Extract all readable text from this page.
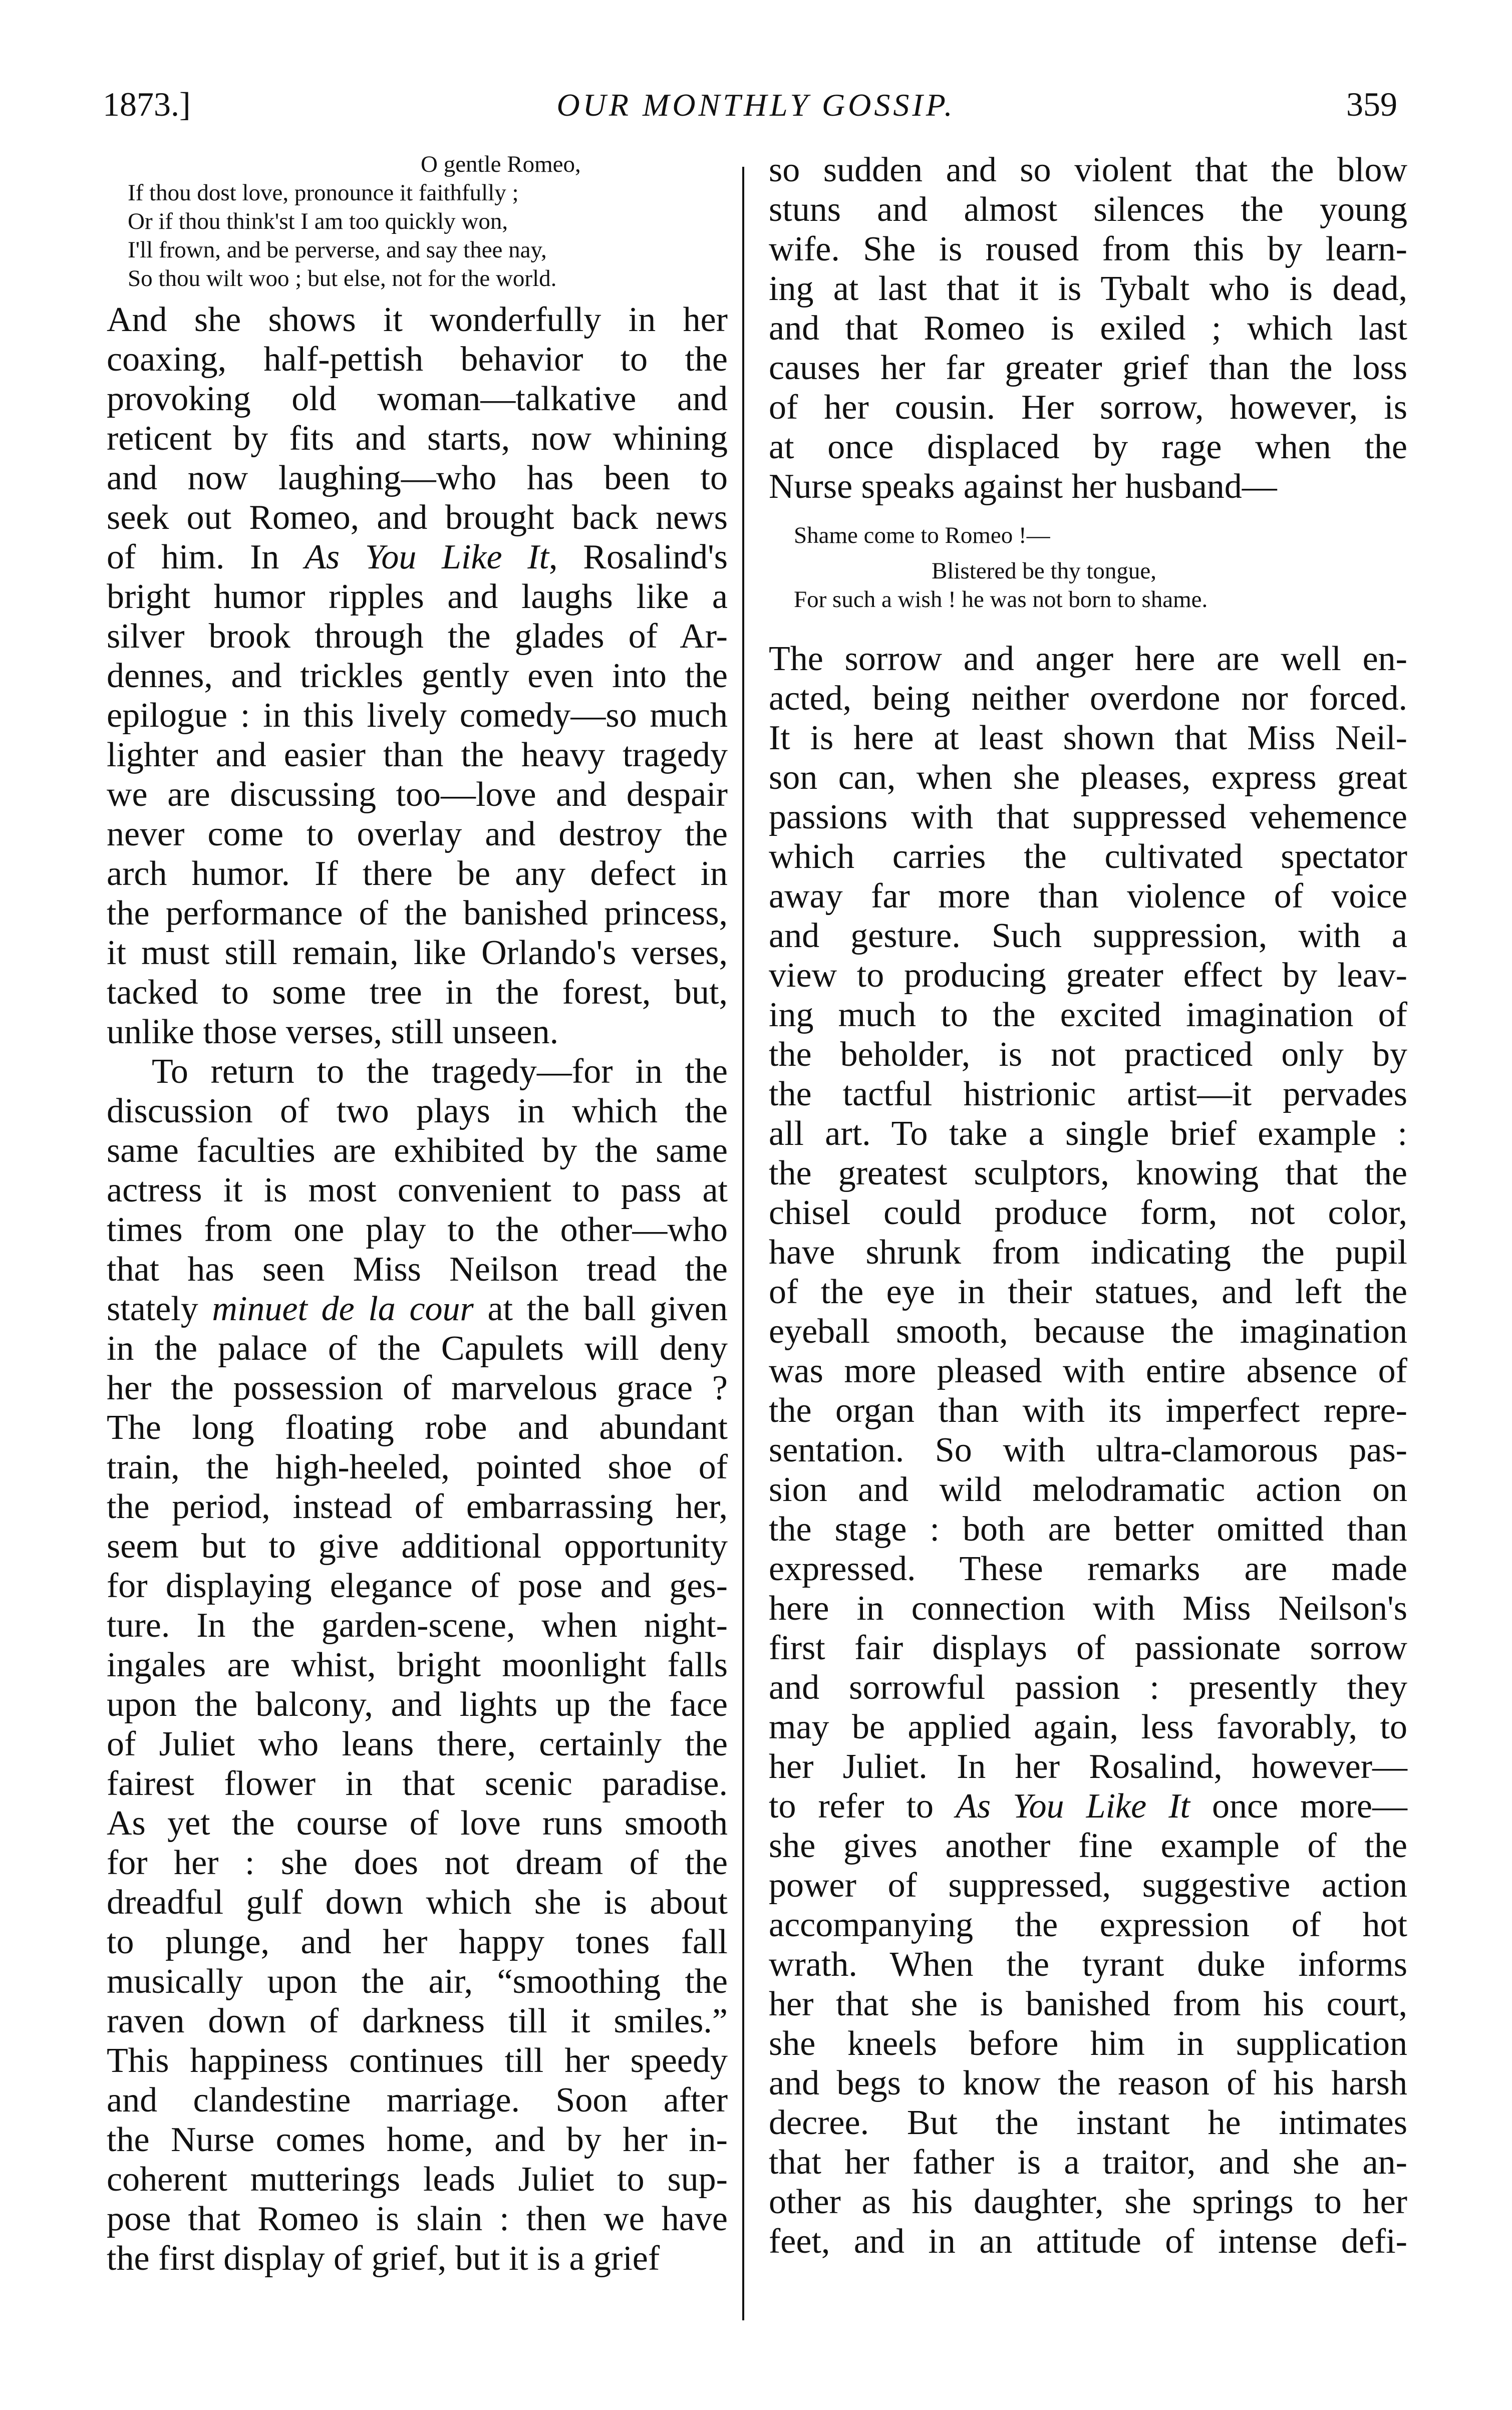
1873.]	OUR MONTHLY GOSSIP.	359
O gentle Romeo,
If thou dost love, pronounce it faithfully ;
Or if thou think'st I am too quickly won,
I'll frown, and be perverse, and say thee nay,
So thou wilt woo ; but else, not for the world.
And she shows it wonderfully in her
coaxing, half-pettish behavior to the
provoking old woman—talkative and
reticent by fits and starts, now whining
and now laughing—who has been to
seek out Romeo, and brought back news
of him. In As You Like It, Rosalind's
bright humor ripples and laughs like a
silver brook through the glades of Ar-
dennes, and trickles gently even into the
epilogue : in this lively comedy—so much
lighter and easier than the heavy tragedy
we are discussing too—love and despair
never come to overlay and destroy the
arch humor. If there be any defect in
the performance of the banished princess,
it must still remain, like Orlando's verses,
tacked to some tree in the forest, but,
unlike those verses, still unseen.
To return to the tragedy—for in the
discussion of two plays in which the
same faculties are exhibited by the same
actress it is most convenient to pass at
times from one play to the other—who
that has seen Miss Neilson tread the
stately minuet de la cour at the ball given
in the palace of the Capulets will deny
her the possession of marvelous grace ?
The long floating robe and abundant
train, the high-heeled, pointed shoe of
the period, instead of embarrassing her,
seem but to give additional opportunity
for displaying elegance of pose and ges-
ture. In the garden-scene, when night-
ingales are whist, bright moonlight falls
upon the balcony, and lights up the face
of Juliet who leans there, certainly the
fairest flower in that scenic paradise.
As yet the course of love runs smooth
for her : she does not dream of the
dreadful gulf down which she is about
to plunge, and her happy tones fall
musically upon the air, “smoothing the
raven down of darkness till it smiles.”
This happiness continues till her speedy
and clandestine marriage. Soon after
the Nurse comes home, and by her in-
coherent mutterings leads Juliet to sup-
pose that Romeo is slain : then we have
the first display of grief, but it is a grief
so sudden and so violent that the blow
stuns and almost silences the young
wife. She is roused from this by learn-
ing at last that it is Tybalt who is dead,
and that Romeo is exiled ; which last
causes her far greater grief than the loss
of her cousin. Her sorrow, however, is
at once displaced by rage when the
Nurse speaks against her husband—
Shame come to Romeo !—
Blistered be thy tongue,
For such a wish ! he was not born to shame.
The sorrow and anger here are well en-
acted, being neither overdone nor forced.
It is here at least shown that Miss Neil-
son can, when she pleases, express great
passions with that suppressed vehemence
which carries the cultivated spectator
away far more than violence of voice
and gesture. Such suppression, with a
view to producing greater effect by leav-
ing much to the excited imagination of
the beholder, is not practiced only by
the tactful histrionic artist—it pervades
all art. To take a single brief example :
the greatest sculptors, knowing that the
chisel could produce form, not color,
have shrunk from indicating the pupil
of the eye in their statues, and left the
eyeball smooth, because the imagination
was more pleased with entire absence of
the organ than with its imperfect repre-
sentation. So with ultra-clamorous pas-
sion and wild melodramatic action on
the stage : both are better omitted than
expressed. These remarks are made
here in connection with Miss Neilson's
first fair displays of passionate sorrow
and sorrowful passion : presently they
may be applied again, less favorably, to
her Juliet. In her Rosalind, however—
to refer to As You Like It once more—
she gives another fine example of the
power of suppressed, suggestive action
accompanying the expression of hot
wrath. When the tyrant duke informs
her that she is banished from his court,
she kneels before him in supplication
and begs to know the reason of his harsh
decree. But the instant he intimates
that her father is a traitor, and she an-
other as his daughter, she springs to her
feet, and in an attitude of intense defi-
